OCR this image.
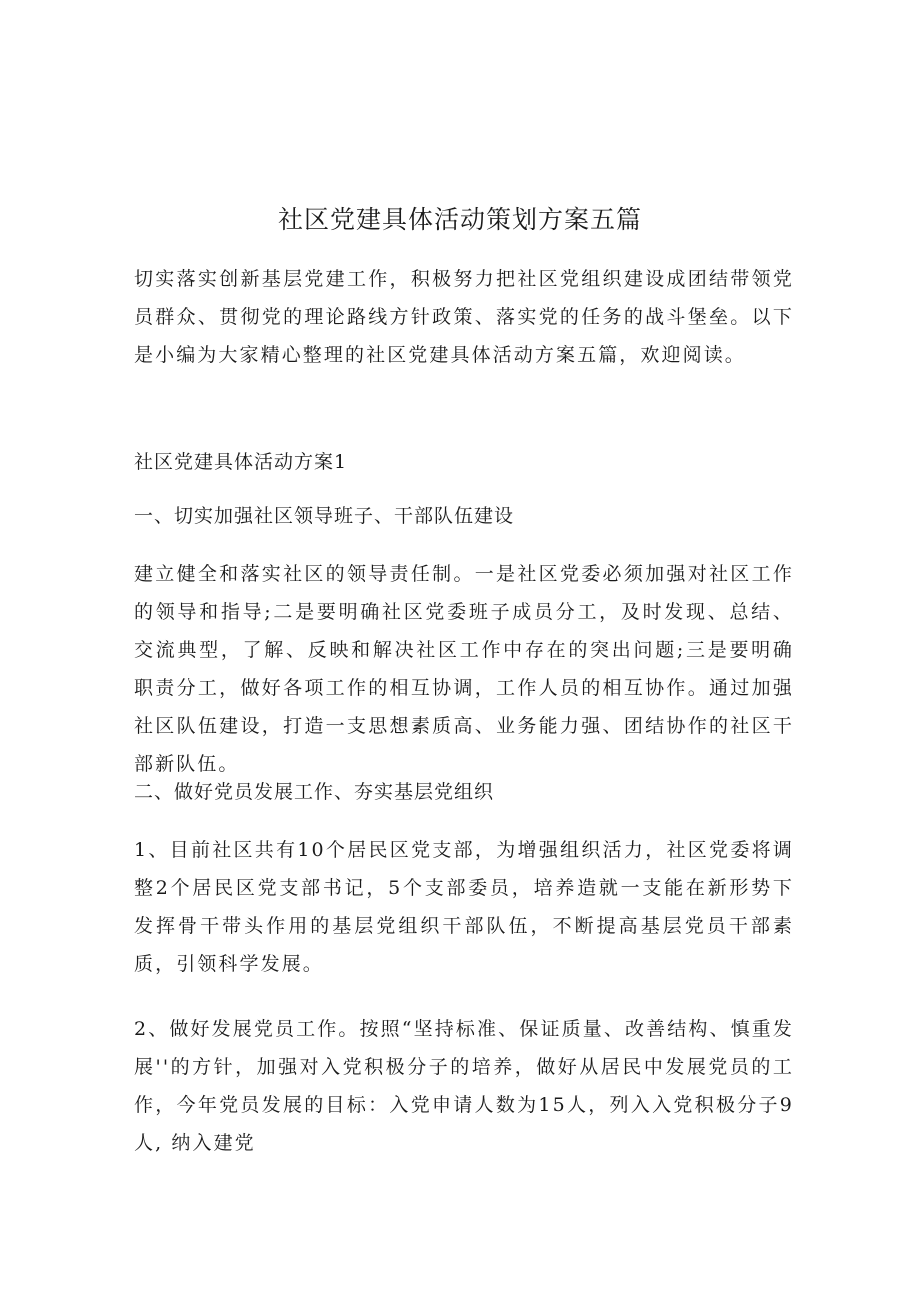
社区党建具体活动策划方案五篇

切实落实创新基层党建工作，积极努力把社区党组织建设成团结带领党员群众、贯彻党的理论路线方针政策、落实党的任务的战斗堡垒。以下是小编为大家精心整理的社区党建具体活动方案五篇，欢迎阅读。

社区党建具体活动方案1
一、切实加强社区领导班子、干部队伍建设

建立健全和落实社区的领导责任制。一是社区党委必须加强对社区工作的领导和指导;二是要明确社区党委班子成员分工，及时发现、总结、交流典型，了解、反映和解决社区工作中存在的突出问题;三是要明确职责分工，做好各项工作的相互协调，工作人员的相互协作。通过加强社区队伍建设，打造一支思想素质高、业务能力强、团结协作的社区干部新队伍。

二、做好党员发展工作、夯实基层党组织

1、目前社区共有10个居民区党支部，为增强组织活力，社区党委将调整2个居民区党支部书记，5个支部委员，培养造就一支能在新形势下发挥骨干带头作用的基层党组织干部队伍，不断提高基层党员干部素质，引领科学发展。

2、做好发展党员工作。按照“坚持标准、保证质量、改善结构、慎重发展''的方针，加强对入党积极分子的培养，做好从居民中发展党员的工作，今年党员发展的目标：入党申请人数为15人，列入入党积极分子9人, 纳入建党
